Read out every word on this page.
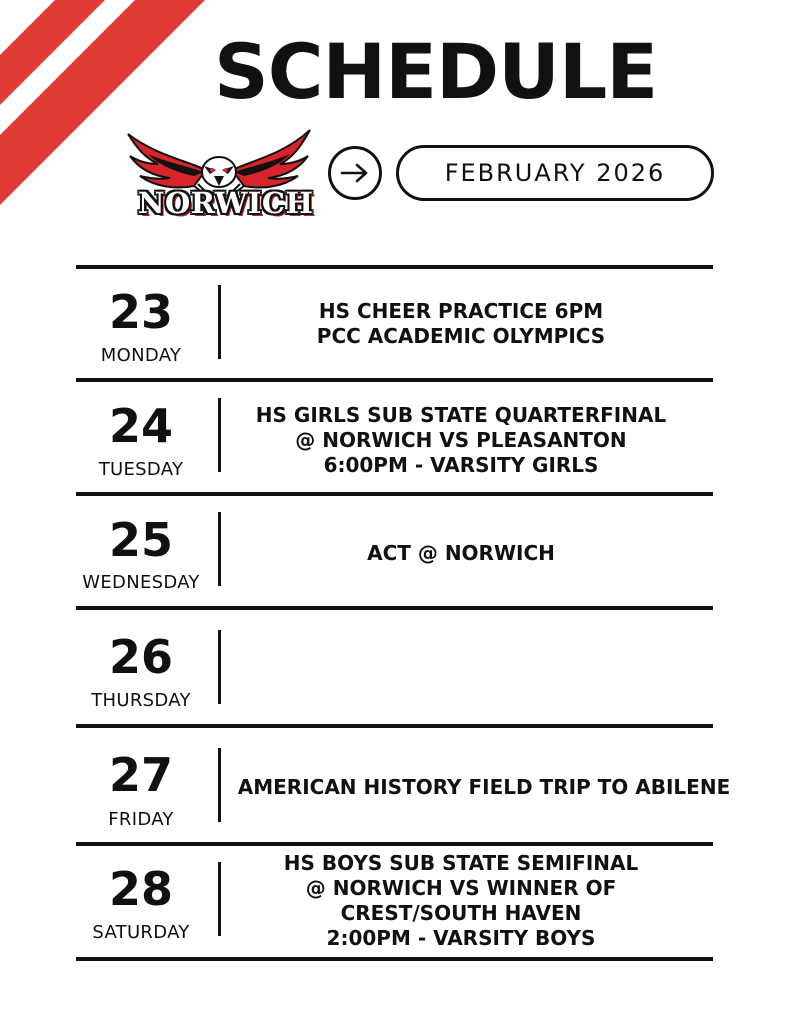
SCHEDULE
NORWICH
FEBRUARY 2026
23
MONDAY
HS CHEER PRACTICE 6PM
PCC ACADEMIC OLYMPICS
24
TUESDAY
HS GIRLS SUB STATE QUARTERFINAL
@ NORWICH VS PLEASANTON
6:00PM - VARSITY GIRLS
25
WEDNESDAY
ACT @ NORWICH
26
THURSDAY
27
FRIDAY
AMERICAN HISTORY FIELD TRIP TO ABILENE
28
SATURDAY
HS BOYS SUB STATE SEMIFINAL
@ NORWICH VS WINNER OF
CREST/SOUTH HAVEN
2:00PM - VARSITY BOYS
